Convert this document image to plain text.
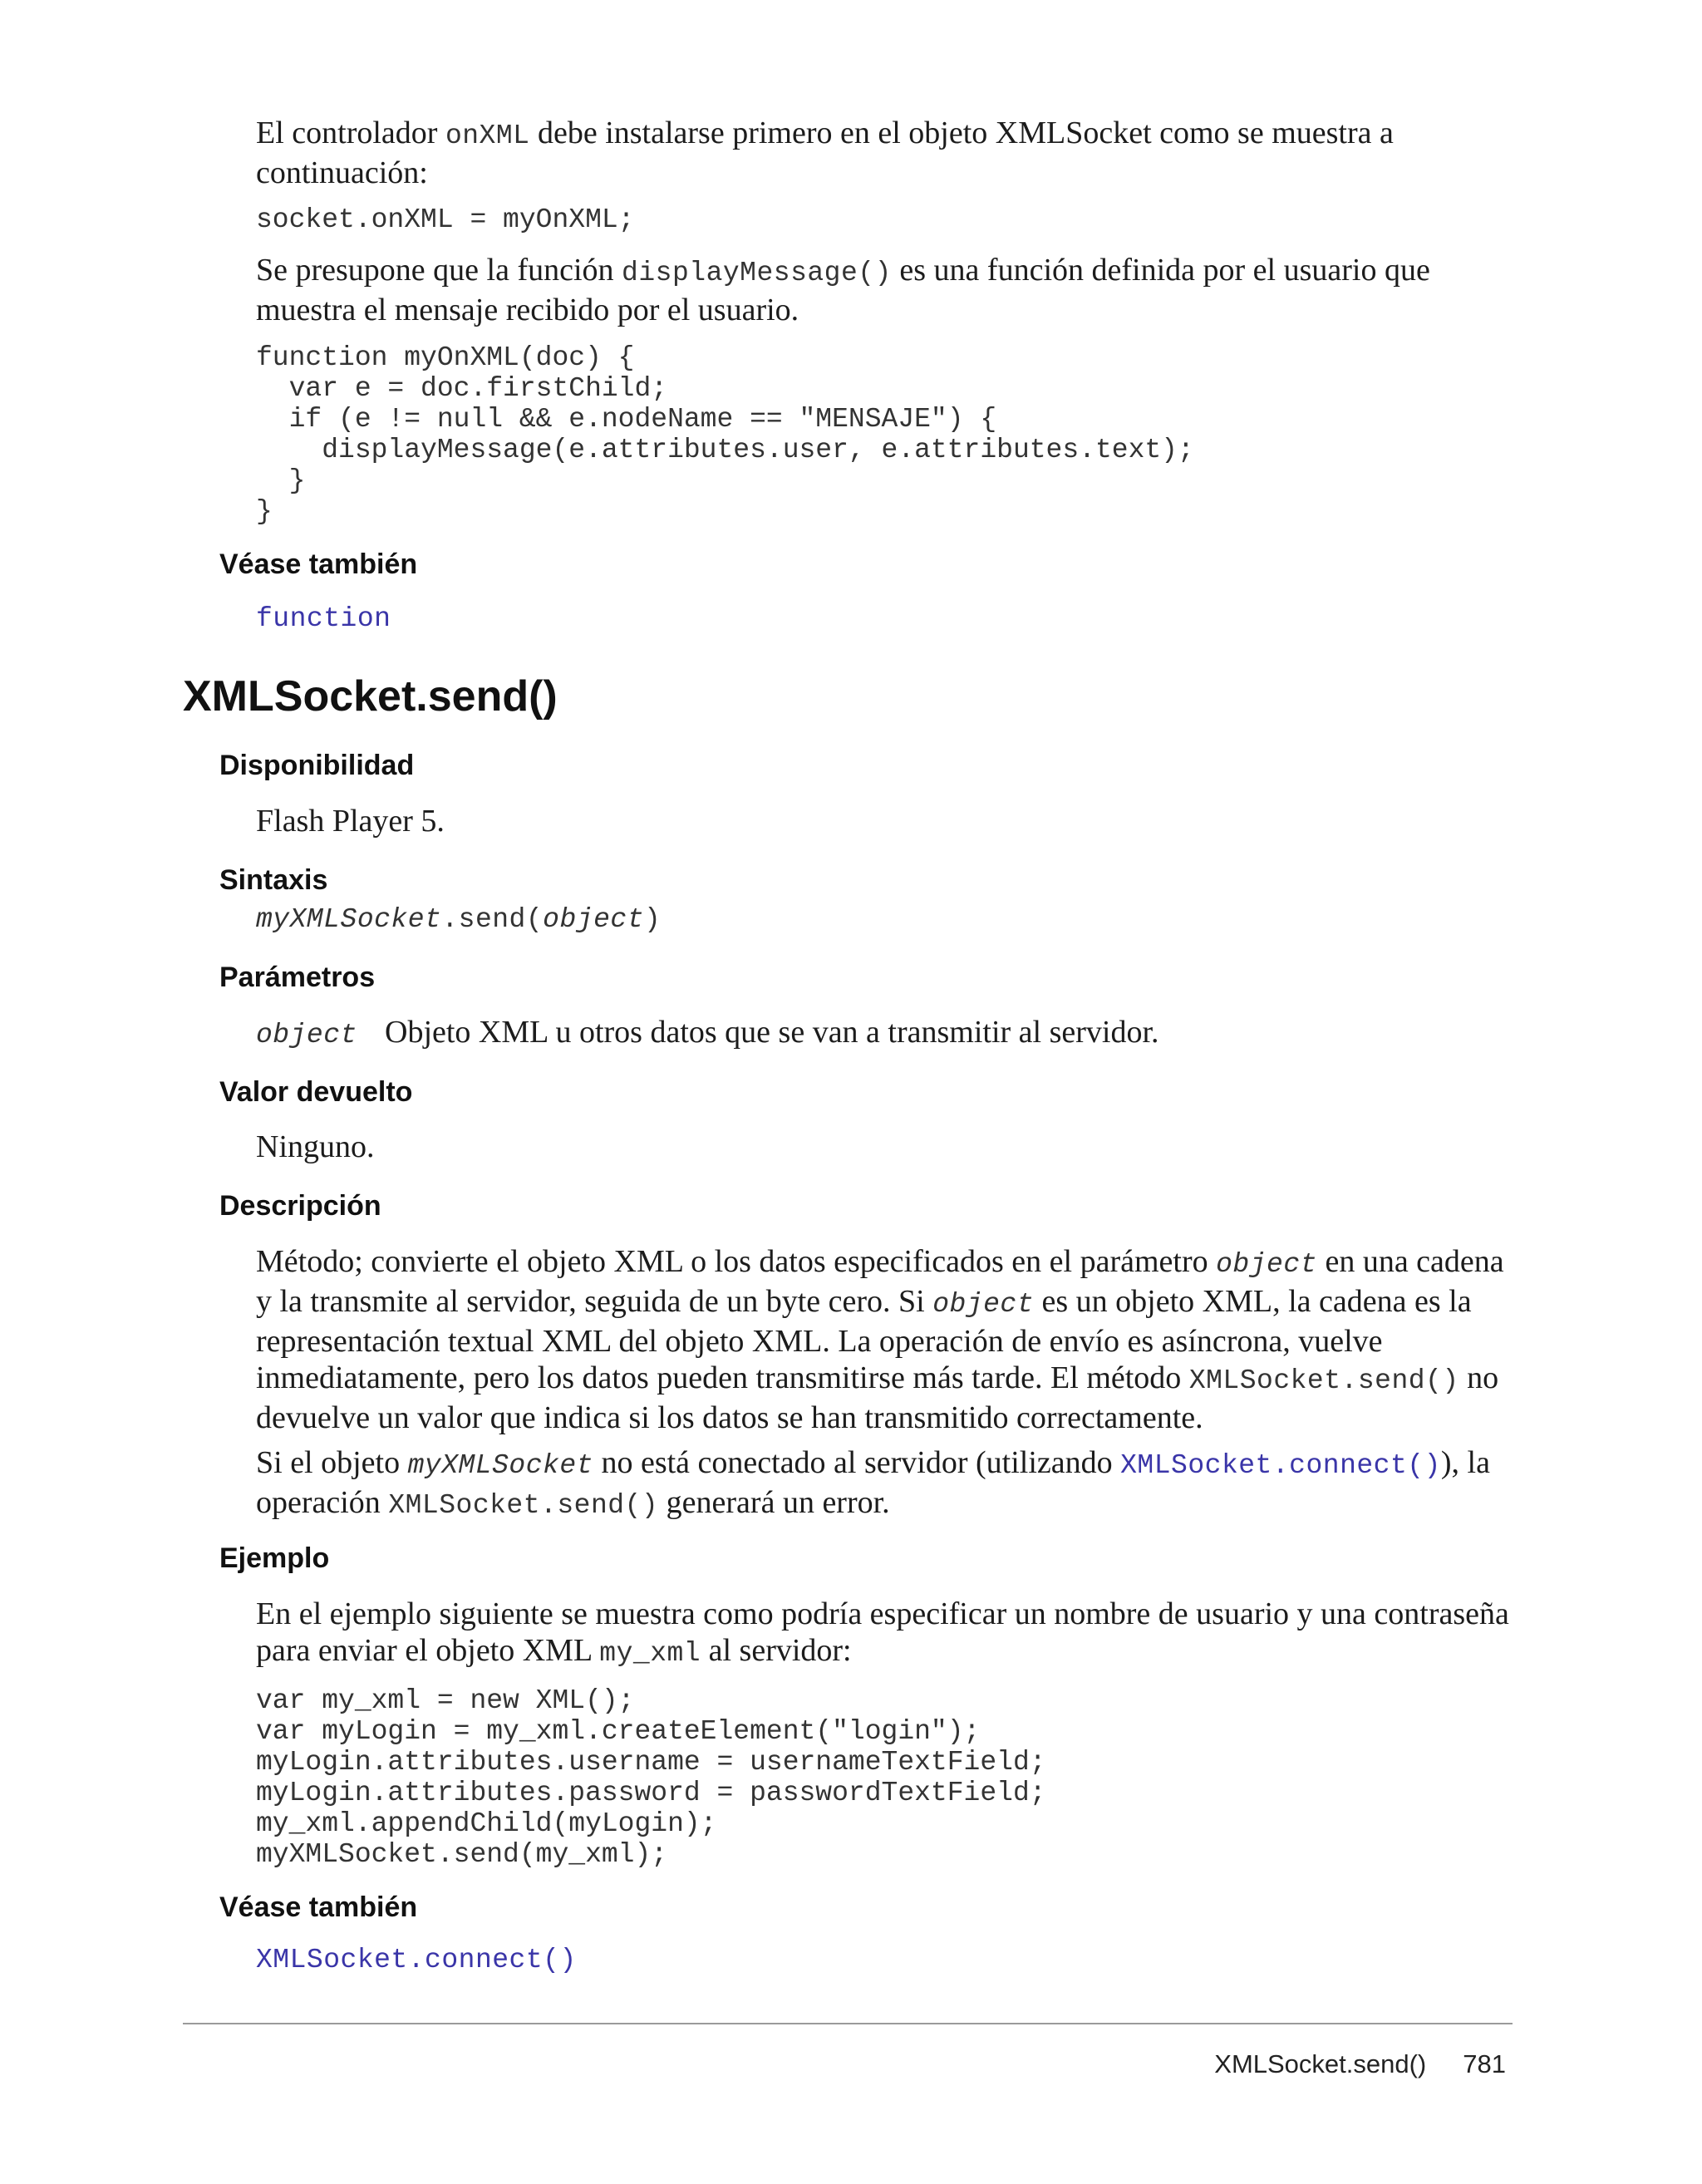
El controlador onXML debe instalarse primero en el objeto XMLSocket como se muestra a continuación:
socket.onXML = myOnXML;
Se presupone que la función displayMessage() es una función definida por el usuario que muestra el mensaje recibido por el usuario.
function myOnXML(doc) {
var e = doc.firstChild;
if (e != null && e.nodeName == "MENSAJE") {
displayMessage(e.attributes.user, e.attributes.text);
}
}
Véase también
function
XMLSocket.send()
Disponibilidad
Flash Player 5.
Sintaxis
myXMLSocket.send(object)
Parámetros
object Objeto XML u otros datos que se van a transmitir al servidor.
Valor devuelto
Ninguno.
Descripción
Método; convierte el objeto XML o los datos especificados en el parámetro object en una cadena y la transmite al servidor, seguida de un byte cero. Si object es un objeto XML, la cadena es la representación textual XML del objeto XML. La operación de envío es asíncrona, vuelve inmediatamente, pero los datos pueden transmitirse más tarde. El método XMLSocket.send() no devuelve un valor que indica si los datos se han transmitido correctamente.
Si el objeto myXMLSocket no está conectado al servidor (utilizando XMLSocket.connect()), la operación XMLSocket.send() generará un error.
Ejemplo
En el ejemplo siguiente se muestra como podría especificar un nombre de usuario y una contraseña para enviar el objeto XML my_xml al servidor:
var my_xml = new XML();
var myLogin = my_xml.createElement("login");
myLogin.attributes.username = usernameTextField;
myLogin.attributes.password = passwordTextField;
my_xml.appendChild(myLogin);
myXMLSocket.send(my_xml);
Véase también
XMLSocket.connect()
XMLSocket.send() 781
